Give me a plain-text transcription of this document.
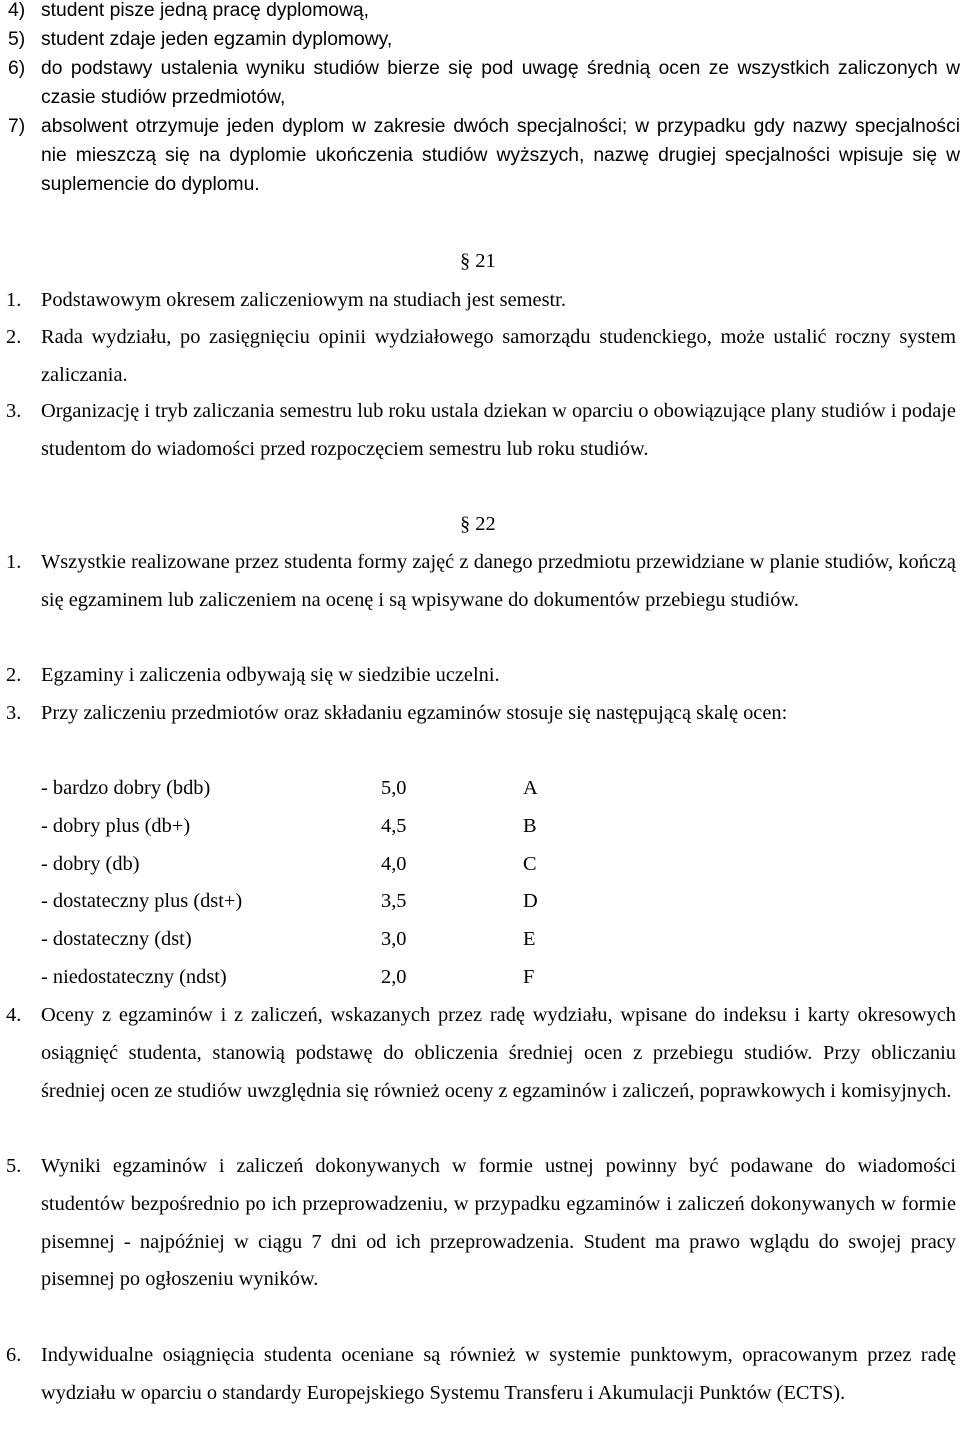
4) student pisze jedną pracę dyplomową,
5) student zdaje jeden egzamin dyplomowy,
6) do podstawy ustalenia wyniku studiów bierze się pod uwagę średnią ocen ze wszystkich zaliczonych w czasie studiów przedmiotów,
7) absolwent otrzymuje jeden dyplom w zakresie dwóch specjalności; w przypadku gdy nazwy specjalności nie mieszczą się na dyplomie ukończenia studiów wyższych, nazwę drugiej specjalności wpisuje się w suplemencie do dyplomu.
§ 21
1. Podstawowym okresem zaliczeniowym na studiach jest semestr.
2. Rada wydziału, po zasięgnięciu opinii wydziałowego samorządu studenckiego, może ustalić roczny system zaliczania.
3. Organizację i tryb zaliczania semestru lub roku ustala dziekan w oparciu o obowiązujące plany studiów i podaje studentom do wiadomości przed rozpoczęciem semestru lub roku studiów.
§ 22
1. Wszystkie realizowane przez studenta formy zajęć z danego przedmiotu przewidziane w planie studiów, kończą się egzaminem lub zaliczeniem na ocenę i są wpisywane do dokumentów przebiegu studiów.
2. Egzaminy i zaliczenia odbywają się w siedzibie uczelni.
3. Przy zaliczeniu przedmiotów oraz składaniu egzaminów stosuje się następującą skalę ocen:
- bardzo dobry (bdb)	5,0	A
- dobry plus (db+)	4,5	B
- dobry (db)	4,0	C
- dostateczny plus (dst+)	3,5	D
- dostateczny (dst)	3,0	E
- niedostateczny (ndst)	2,0	F
4. Oceny z egzaminów i z zaliczeń, wskazanych przez radę wydziału, wpisane do indeksu i karty okresowych osiągnięć studenta, stanowią podstawę do obliczenia średniej ocen z przebiegu studiów. Przy obliczaniu średniej ocen ze studiów uwzględnia się również oceny z egzaminów i zaliczeń, poprawkowych i komisyjnych.
5. Wyniki egzaminów i zaliczeń dokonywanych w formie ustnej powinny być podawane do wiadomości studentów bezpośrednio po ich przeprowadzeniu, w przypadku egzaminów i zaliczeń dokonywanych w formie pisemnej - najpóźniej w ciągu 7 dni od ich przeprowadzenia. Student ma prawo wglądu do swojej pracy pisemnej po ogłoszeniu wyników.
6. Indywidualne osiągnięcia studenta oceniane są również w systemie punktowym, opracowanym przez radę wydziału w oparciu o standardy Europejskiego Systemu Transferu i Akumulacji Punktów (ECTS).
